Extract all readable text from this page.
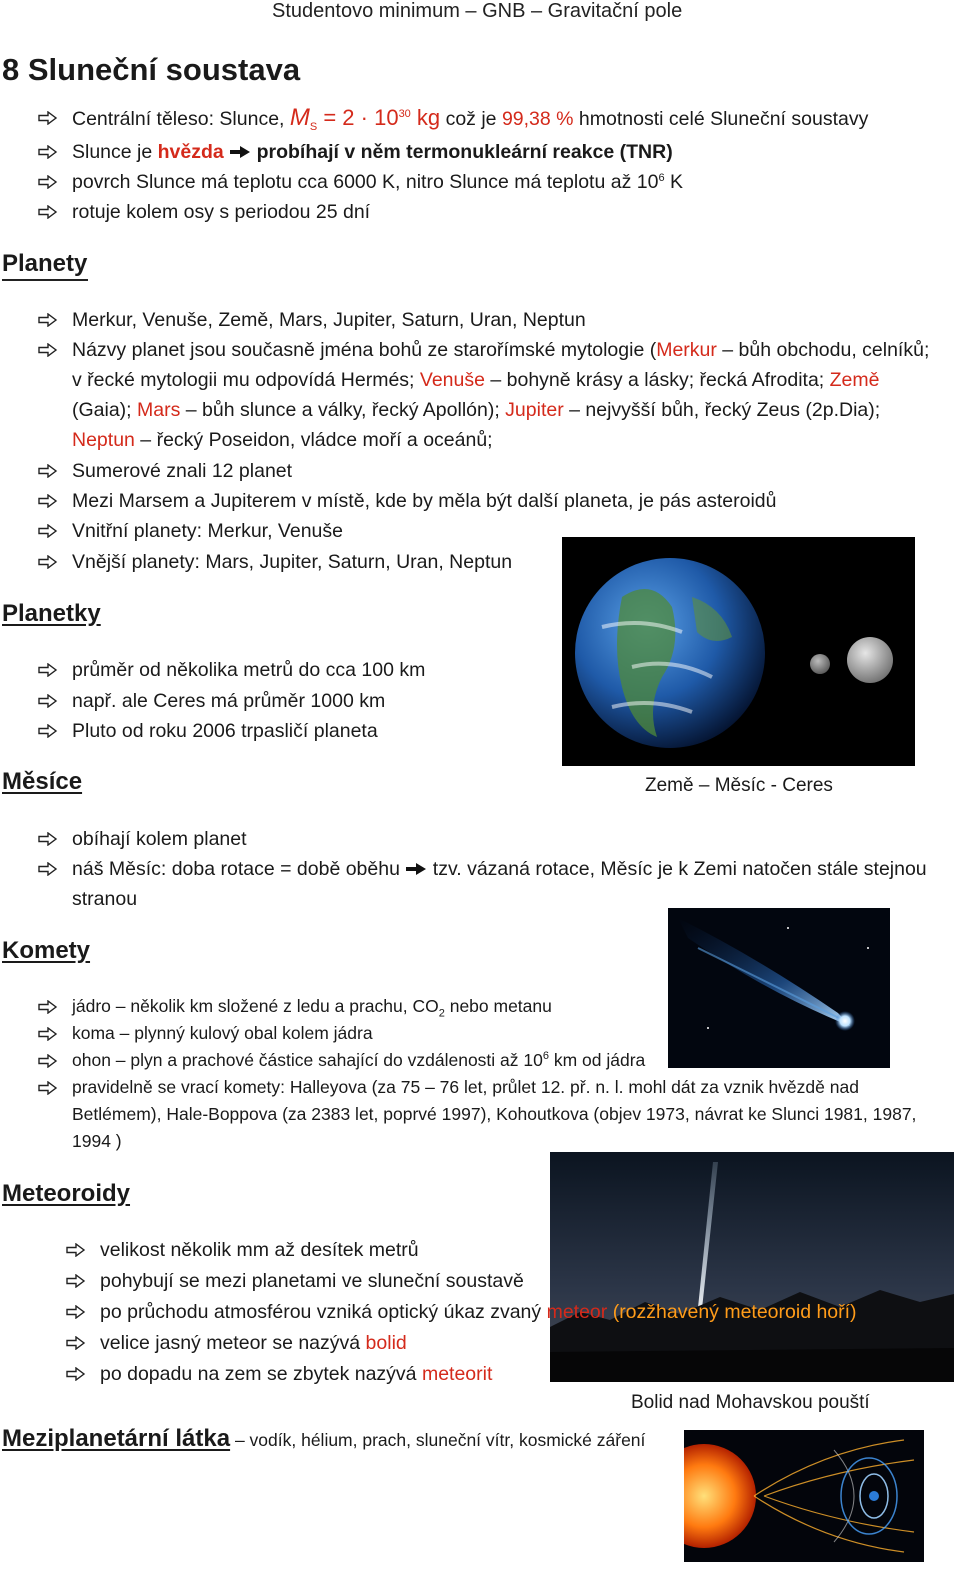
Studentovo minimum – GNB – Gravitační pole
8 Sluneční soustava
Centrální těleso: Slunce, $M_S = 2 \cdot 10^{30}$ kg což je 99,38 % hmotnosti celé Sluneční soustavy
Slunce je hvězda probíhají v něm termonukleární reakce (TNR)
povrch Slunce má teplotu cca 6000 K, nitro Slunce má teplotu až $10^6$ K
rotuje kolem osy s periodou 25 dní
Planety
Merkur, Venuše, Země, Mars, Jupiter, Saturn, Uran, Neptun
Názvy planet jsou současně jména bohů ze starořímské mytologie (Merkur – bůh obchodu, celníků;
v řecké mytologii mu odpovídá Hermés; Venuše – bohyně krásy a lásky; řecká Afrodita; Země
(Gaia); Mars – bůh slunce a války, řecký Apollón); Jupiter – nejvyšší bůh, řecký Zeus (2p.Dia);
Neptun – řecký Poseidon, vládce moří a oceánů;
Sumerové znali 12 planet
Mezi Marsem a Jupiterem v místě, kde by měla být další planeta, je pás asteroidů
Vnitřní planety: Merkur, Venuše
Vnější planety: Mars, Jupiter, Saturn, Uran, Neptun
Planetky
průměr od několika metrů do cca 100 km
např. ale Ceres má průměr 1000 km
Pluto od roku 2006 trpasličí planeta
Měsíce	Země – Měsíc - Ceres
obíhají kolem planet
náš Měsíc: doba rotace = době oběhu  tzv. vázaná rotace, Měsíc je k Zemi natočen stále stejnou
stranou
Komety
jádro – několik km složené z ledu a prachu, $CO_2$ nebo metanu
koma – plynný kulový obal kolem jádra
ohon – plyn a prachové částice sahající do vzdálenosti až $10^6$ km od jádra
pravidelně se vrací komety: Halleyova (za 75 – 76 let, průlet 12. př. n. l. mohl dát za vznik hvězdě nad
Betlémem), Hale-Boppova (za 2383 let, poprvé 1997), Kohoutkova (objev 1973, návrat ke Slunci 1981, 1987,
1994 )
Meteoroidy
velikost několik mm až desítek metrů
pohybují se mezi planetami ve sluneční soustavě
po průchodu atmosférou vzniká optický úkaz zvaný meteor (rozžhavený meteoroid hoří)
velice jasný meteor se nazývá bolid
po dopadu na zem se zbytek nazývá meteorit
Bolid nad Mohavskou pouští
Meziplanetární látka – vodík, hélium, prach, sluneční vítr, kosmické záření
